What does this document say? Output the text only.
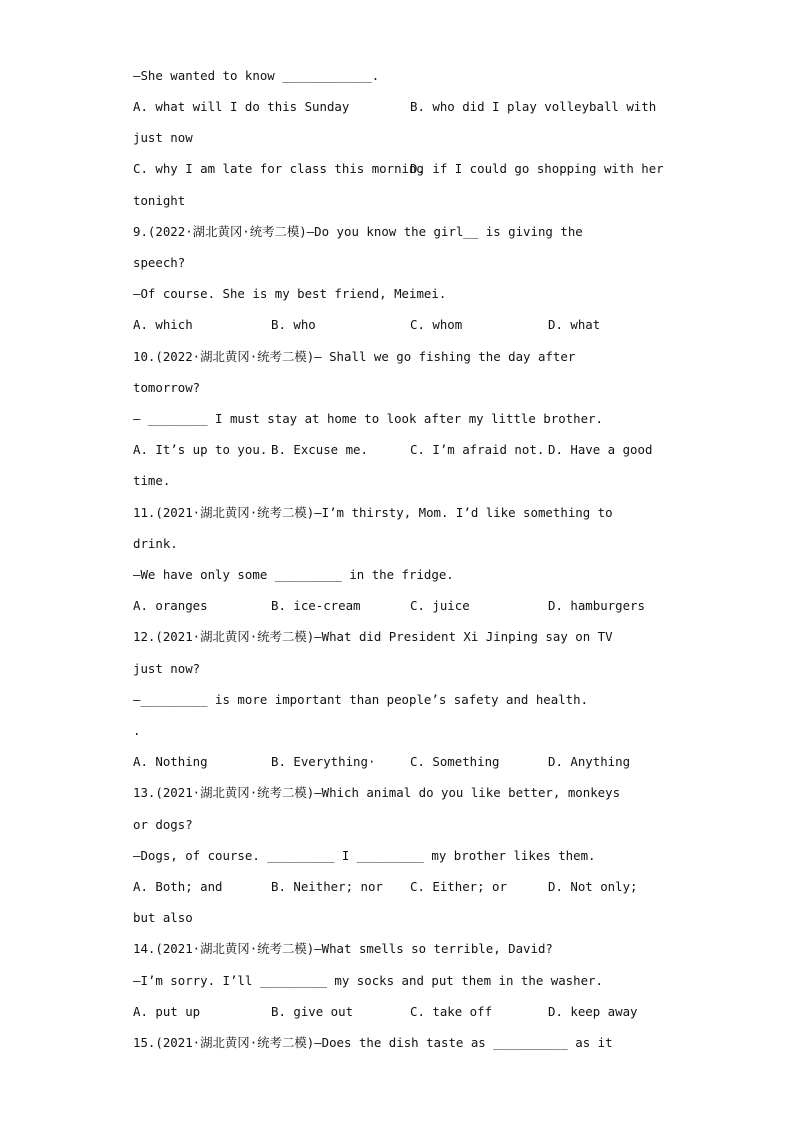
—She wanted to know ____________.
A. what will I do this Sunday	B. who did I play volleyball with
just now
C. why I am late for class this morning
D. if I could go shopping with her
tonight
9.(2022·湖北黄冈·统考二模)—Do you know the girl__ is giving the
speech?
—Of course. She is my best friend, Meimei.
A. which	B. who	C. whom	D. what
10.(2022·湖北黄冈·统考二模)— Shall we go fishing the day after
tomorrow?
— ________ I must stay at home to look after my little brother.
A. It’s up to you. B. Excuse me.	C. I’m afraid not. D. Have a good
time.
11.(2021·湖北黄冈·统考二模)—I’m thirsty, Mom. I’d like something to
drink.
—We have only some _________ in the fridge.
A. oranges	B. ice-cream	C. juice	D. hamburgers
12.(2021·湖北黄冈·统考二模)—What did President Xi Jinping say on TV
just now?
—_________ is more important than people’s safety and health.
.
A. Nothing	B. Everything·	C. Something	D. Anything
13.(2021·湖北黄冈·统考二模)—Which animal do you like better, monkeys
or dogs?
—Dogs, of course. _________ I _________ my brother likes them.
A. Both; and	B. Neither; nor C. Either; or	D. Not only;
but also
14.(2021·湖北黄冈·统考二模)—What smells so terrible, David?
—I’m sorry. I’ll _________ my socks and put them in the washer.
A. put up	B. give out	C. take off	D. keep away
15.(2021·湖北黄冈·统考二模)—Does the dish taste as __________ as it
